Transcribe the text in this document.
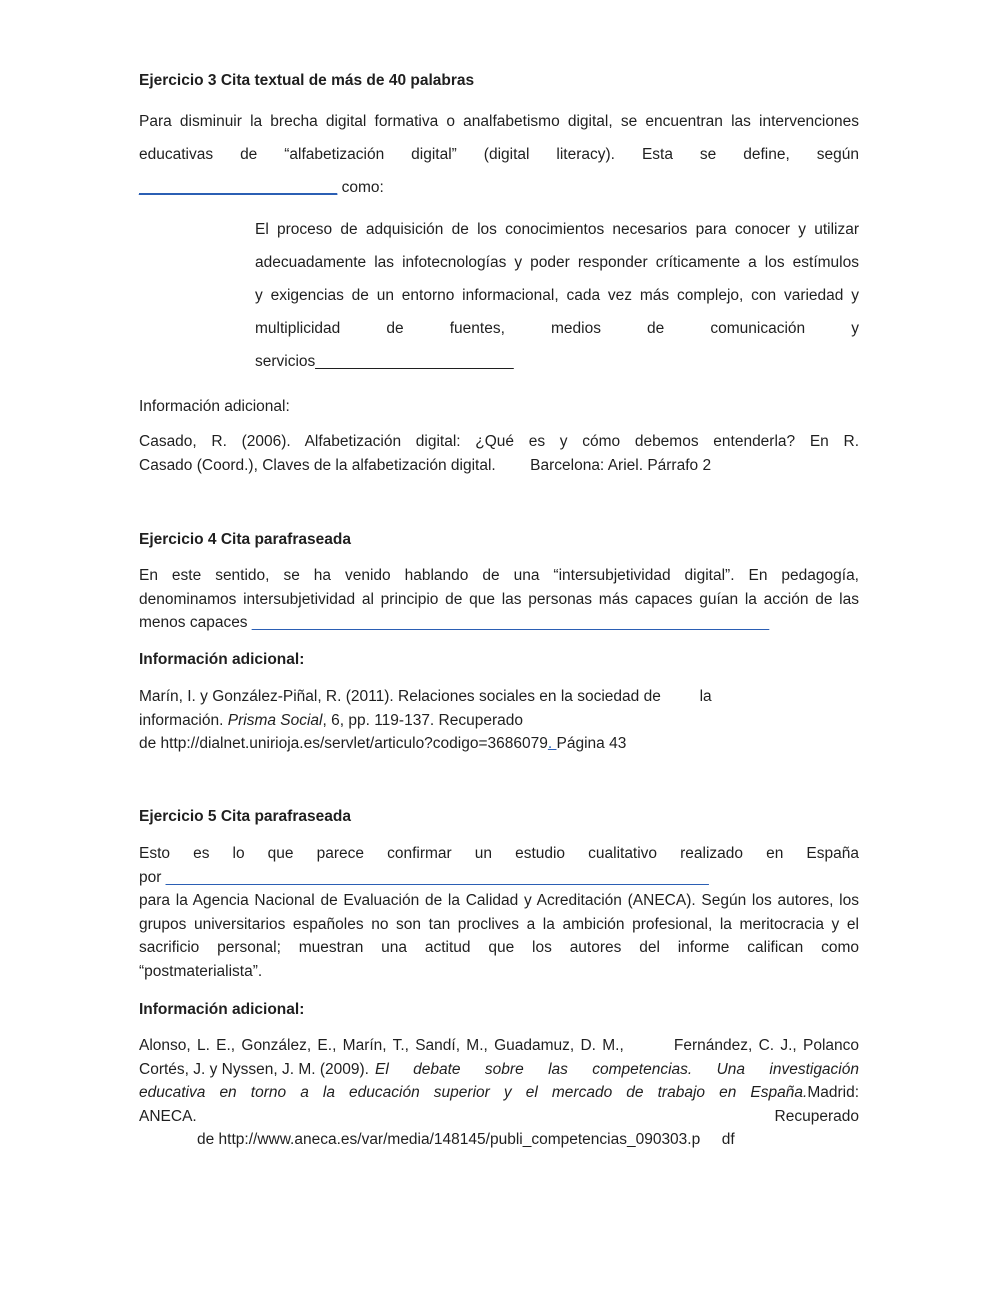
Ejercicio 3 Cita textual de más de 40 palabras
Para disminuir la brecha digital formativa o analfabetismo digital, se encuentran las intervenciones
educativas de “alfabetización digital” (digital literacy). Esta se define, según
_______________________ como:
El proceso de adquisición de los conocimientos necesarios para conocer y utilizar
adecuadamente las infotecnologías y poder responder críticamente a los estímulos
y exigencias de un entorno informacional, cada vez más complejo, con variedad y
multiplicidad de fuentes, medios de comunicación y
servicios_______________________
Información adicional:
Casado, R. (2006). Alfabetización digital: ¿Qué es y cómo debemos entenderla? En R.
Casado (Coord.), Claves de la alfabetización digital.        Barcelona: Ariel. Párrafo 2
Ejercicio 4 Cita parafraseada
En este sentido, se ha venido hablando de una “intersubjetividad digital”. En pedagogía,
denominamos intersubjetividad al principio de que las personas más capaces guían la acción de las
menos capaces ____________________________________________________________
Información adicional:
Marín, I. y González-Piñal, R. (2011). Relaciones sociales en la sociedad de         la
información. Prisma Social, 6, pp. 119-137. Recuperado
de http://dialnet.unirioja.es/servlet/articulo?codigo=3686079. Página 43
Ejercicio 5 Cita parafraseada
Esto es lo que parece confirmar un estudio cualitativo realizado en España
por _______________________________________________________________
para la Agencia Nacional de Evaluación de la Calidad y Acreditación (ANECA). Según los autores, los
grupos universitarios españoles no son tan proclives a la ambición profesional, la meritocracia y el
sacrificio personal; muestran una actitud que los autores del informe califican como
“postmaterialista”.
Información adicional:
Alonso, L. E., González, E., Marín, T., Sandí, M., Guadamuz, D. M.,        Fernández, C. J., Polanco
Cortés, J. y Nyssen, J. M. (2009). El debate sobre las competencias. Una investigación
educativa en torno a la educación superior y el mercado de trabajo en España. Madrid:
ANECA.	Recuperado
de http://www.aneca.es/var/media/148145/publi_competencias_090303.p     df
